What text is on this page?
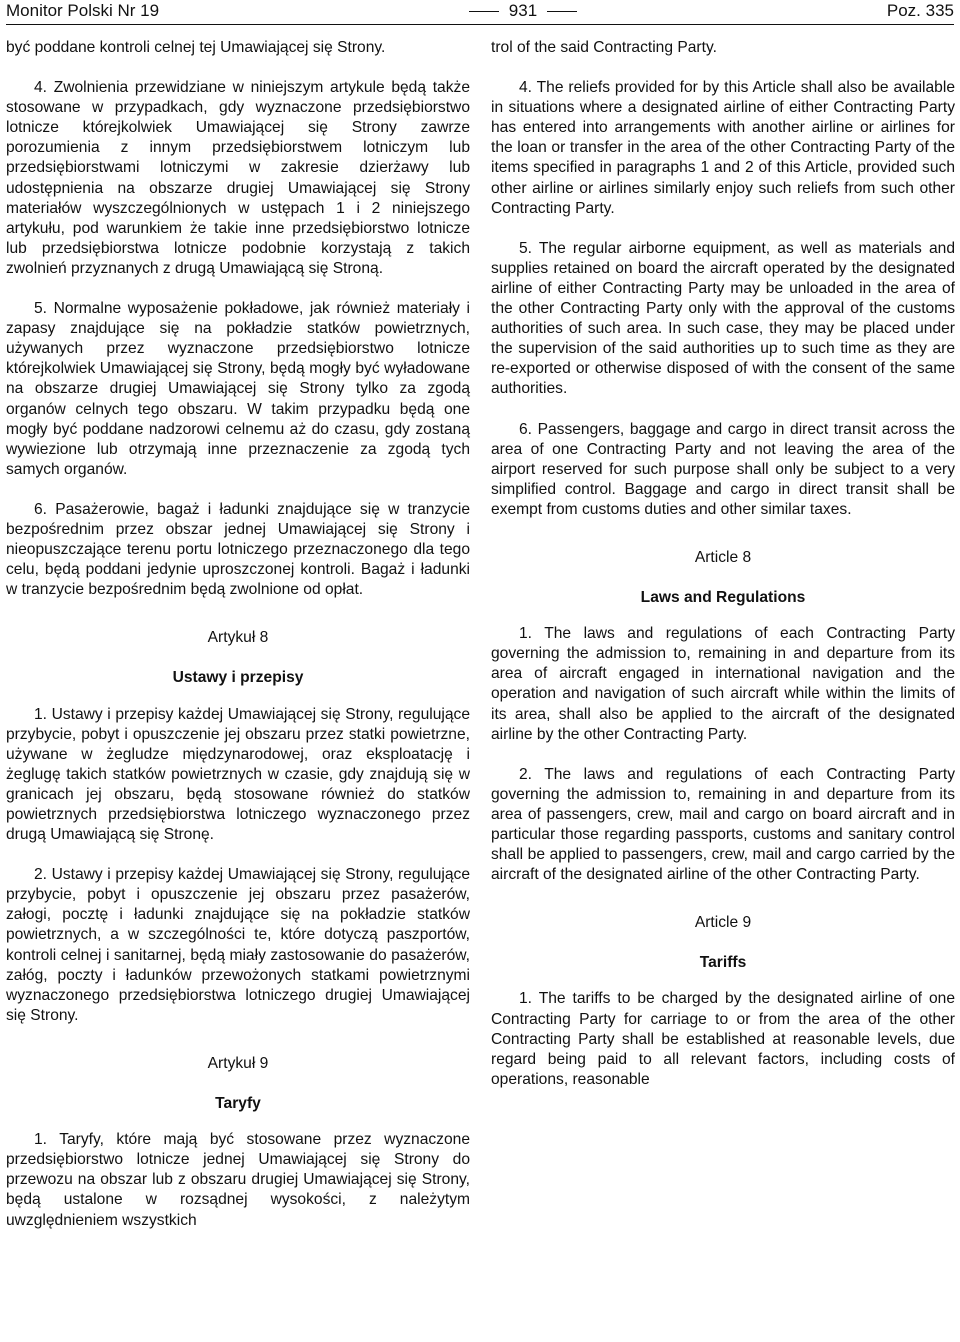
Monitor Polski Nr 19	931	Poz. 335

być poddane kontroli celnej tej Umawiającej się Strony.

4. Zwolnienia przewidziane w niniejszym artykule będą także stosowane w przypadkach, gdy wyznaczone przedsiębiorstwo lotnicze którejkolwiek Umawiającej się Strony zawrze porozumienia z innym przedsiębiorstwem lotniczym lub przedsiębiorstwami lotniczymi w zakresie dzierżawy lub udostępnienia na obszarze drugiej Umawiającej się Strony materiałów wyszczególnionych w ustępach 1 i 2 niniejszego artykułu, pod warunkiem że takie inne przedsiębiorstwo lotnicze lub przedsiębiorstwa lotnicze podobnie korzystają z takich zwolnień przyznanych z drugą Umawiającą się Stroną.

5. Normalne wyposażenie pokładowe, jak również materiały i zapasy znajdujące się na pokładzie statków powietrznych, używanych przez wyznaczone przedsiębiorstwo lotnicze którejkolwiek Umawiającej się Strony, będą mogły być wyładowane na obszarze drugiej Umawiającej się Strony tylko za zgodą organów celnych tego obszaru. W takim przypadku będą one mogły być poddane nadzorowi celnemu aż do czasu, gdy zostaną wywiezione lub otrzymają inne przeznaczenie za zgodą tych samych organów.

6. Pasażerowie, bagaż i ładunki znajdujące się w tranzycie bezpośrednim przez obszar jednej Umawiającej się Strony i nieopuszczające terenu portu lotniczego przeznaczonego dla tego celu, będą poddani jedynie uproszczonej kontroli. Bagaż i ładunki w tranzycie bezpośrednim będą zwolnione od opłat.

Artykuł 8

Ustawy i przepisy

1. Ustawy i przepisy każdej Umawiającej się Strony, regulujące przybycie, pobyt i opuszczenie jej obszaru przez statki powietrzne, używane w żegludze międzynarodowej, oraz eksploatację i żeglugę takich statków powietrznych w czasie, gdy znajdują się w granicach jej obszaru, będą stosowane również do statków powietrznych przedsiębiorstwa lotniczego wyznaczonego przez drugą Umawiającą się Stronę.

2. Ustawy i przepisy każdej Umawiającej się Strony, regulujące przybycie, pobyt i opuszczenie jej obszaru przez pasażerów, załogi, pocztę i ładunki znajdujące się na pokładzie statków powietrznych, a w szczególności te, które dotyczą paszportów, kontroli celnej i sanitarnej, będą miały zastosowanie do pasażerów, załóg, poczty i ładunków przewożonych statkami powietrznymi wyznaczonego przedsiębiorstwa lotniczego drugiej Umawiającej się Strony.

Artykuł 9

Taryfy

1. Taryfy, które mają być stosowane przez wyznaczone przedsiębiorstwo lotnicze jednej Umawiającej się Strony do przewozu na obszar lub z obszaru drugiej Umawiającej się Strony, będą ustalone w rozsądnej wysokości, z należytym uwzględnieniem wszystkich

trol of the said Contracting Party.

4. The reliefs provided for by this Article shall also be available in situations where a designated airline of either Contracting Party has entered into arrangements with another airline or airlines for the loan or transfer in the area of the other Contracting Party of the items specified in paragraphs 1 and 2 of this Article, provided such other airline or airlines similarly enjoy such reliefs from such other Contracting Party.

5. The regular airborne equipment, as well as materials and supplies retained on board the aircraft operated by the designated airline of either Contracting Party may be unloaded in the area of the other Contracting Party only with the approval of the customs authorities of such area. In such case, they may be placed under the supervision of the said authorities up to such time as they are re-exported or otherwise disposed of with the consent of the same authorities.

6. Passengers, baggage and cargo in direct transit across the area of one Contracting Party and not leaving the area of the airport reserved for such purpose shall only be subject to a very simplified control. Baggage and cargo in direct transit shall be exempt from customs duties and other similar taxes.

Article 8

Laws and Regulations

1. The laws and regulations of each Contracting Party governing the admission to, remaining in and departure from its area of aircraft engaged in international navigation and the operation and navigation of such aircraft while within the limits of its area, shall also be applied to the aircraft of the designated airline by the other Contracting Party.

2. The laws and regulations of each Contracting Party governing the admission to, remaining in and departure from its area of passengers, crew, mail and cargo on board aircraft and in particular those regarding passports, customs and sanitary control shall be applied to passengers, crew, mail and cargo carried by the aircraft of the designated airline of the other Contracting Party.

Article 9

Tariffs

1. The tariffs to be charged by the designated airline of one Contracting Party for carriage to or from the area of the other Contracting Party shall be established at reasonable levels, due regard being paid to all relevant factors, including costs of operations, reasonable
